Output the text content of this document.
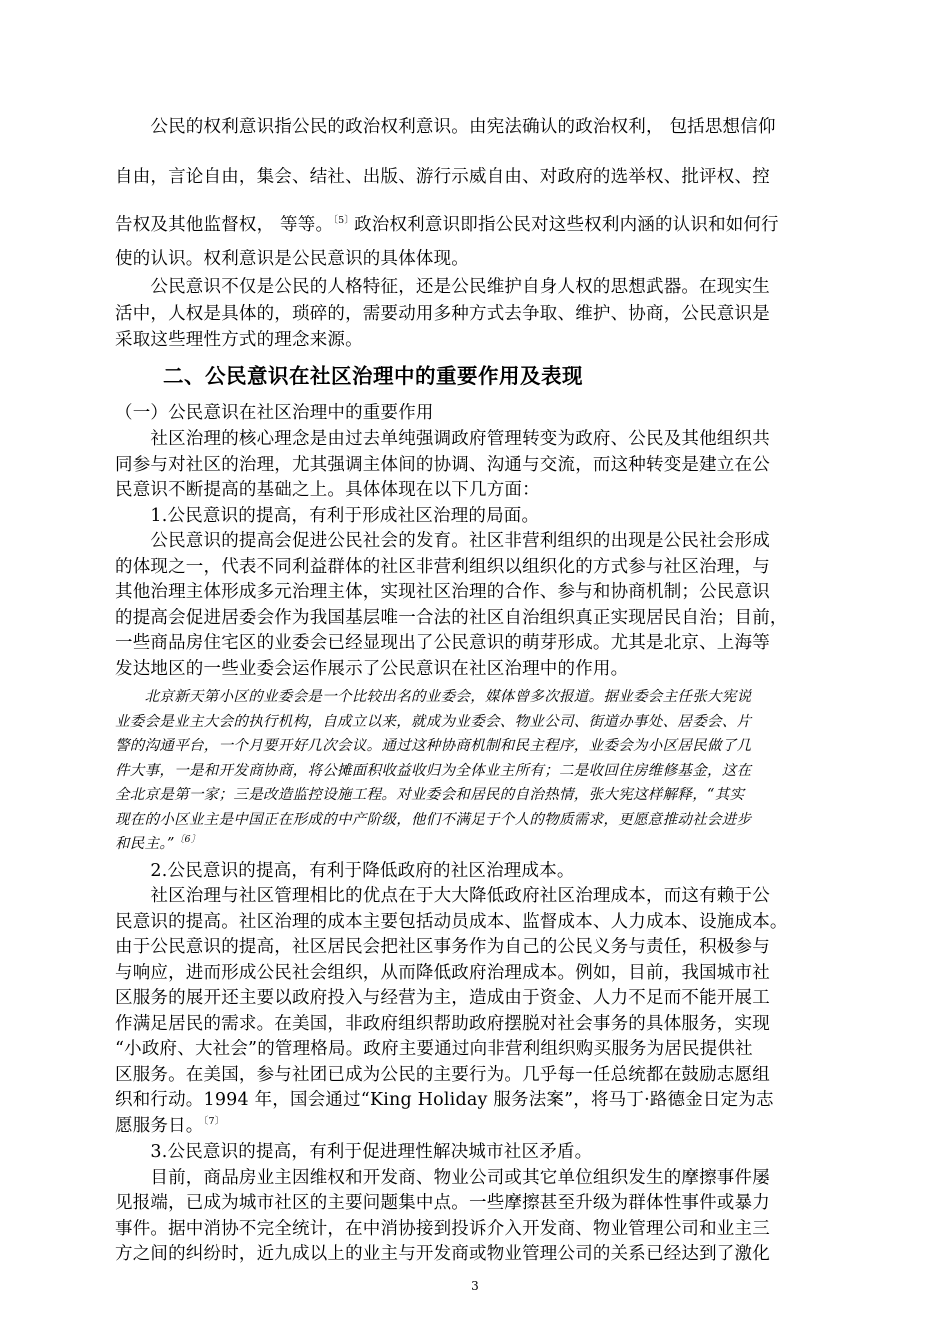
　　公民的权利意识指公民的政治权利意识。由宪法确认的政治权利， 包括思想信仰
自由，言论自由，集会、结社、出版、游行示威自由、对政府的选举权、批评权、控
告权及其他监督权， 等等。$^{〔5〕}$政治权利意识即指公民对这些权利内涵的认识和如何行
使的认识。权利意识是公民意识的具体体现。
　　公民意识不仅是公民的人格特征，还是公民维护自身人权的思想武器。在现实生
活中，人权是具体的，琐碎的，需要动用多种方式去争取、维护、协商，公民意识是
采取这些理性方式的理念来源。
二、公民意识在社区治理中的重要作用及表现
（一）公民意识在社区治理中的重要作用
　　社区治理的核心理念是由过去单纯强调政府管理转变为政府、公民及其他组织共
同参与对社区的治理，尤其强调主体间的协调、沟通与交流，而这种转变是建立在公
民意识不断提高的基础之上。具体体现在以下几方面：
　　1.公民意识的提高，有利于形成社区治理的局面。
　　公民意识的提高会促进公民社会的发育。社区非营利组织的出现是公民社会形成
的体现之一，代表不同利益群体的社区非营利组织以组织化的方式参与社区治理，与
其他治理主体形成多元治理主体，实现社区治理的合作、参与和协商机制；公民意识
的提高会促进居委会作为我国基层唯一合法的社区自治组织真正实现居民自治；目前，
一些商品房住宅区的业委会已经显现出了公民意识的萌芽形成。尤其是北京、上海等
发达地区的一些业委会运作展示了公民意识在社区治理中的作用。
　　北京新天第小区的业委会是一个比较出名的业委会，媒体曾多次报道。据业委会主任张大宪说
业委会是业主大会的执行机构，自成立以来，就成为业委会、物业公司、街道办事处、居委会、片
警的沟通平台，一个月要开好几次会议。通过这种协商机制和民主程序，业委会为小区居民做了几
件大事，一是和开发商协商，将公摊面积收益收归为全体业主所有；二是收回住房维修基金，这在
全北京是第一家；三是改造监控设施工程。对业委会和居民的自治热情，张大宪这样解释，“其实
现在的小区业主是中国正在形成的中产阶级，他们不满足于个人的物质需求，更愿意推动社会进步
和民主。”$^{〔6〕}$
　　2.公民意识的提高，有利于降低政府的社区治理成本。
　　社区治理与社区管理相比的优点在于大大降低政府社区治理成本，而这有赖于公
民意识的提高。社区治理的成本主要包括动员成本、监督成本、人力成本、设施成本。
由于公民意识的提高，社区居民会把社区事务作为自己的公民义务与责任，积极参与
与响应，进而形成公民社会组织，从而降低政府治理成本。例如，目前，我国城市社
区服务的展开还主要以政府投入与经营为主，造成由于资金、人力不足而不能开展工
作满足居民的需求。在美国，非政府组织帮助政府摆脱对社会事务的具体服务，实现
“小政府、大社会”的管理格局。政府主要通过向非营利组织购买服务为居民提供社
区服务。在美国，参与社团已成为公民的主要行为。几乎每一任总统都在鼓励志愿组
织和行动。1994 年，国会通过“King Holiday 服务法案”，将马丁·路德金日定为志
愿服务日。$^{〔7〕}$
　　3.公民意识的提高，有利于促进理性解决城市社区矛盾。
　　目前，商品房业主因维权和开发商、物业公司或其它单位组织发生的摩擦事件屡
见报端，已成为城市社区的主要问题集中点。一些摩擦甚至升级为群体性事件或暴力
事件。据中消协不完全统计，在中消协接到投诉介入开发商、物业管理公司和业主三
方之间的纠纷时，近九成以上的业主与开发商或物业管理公司的关系已经达到了激化
3
